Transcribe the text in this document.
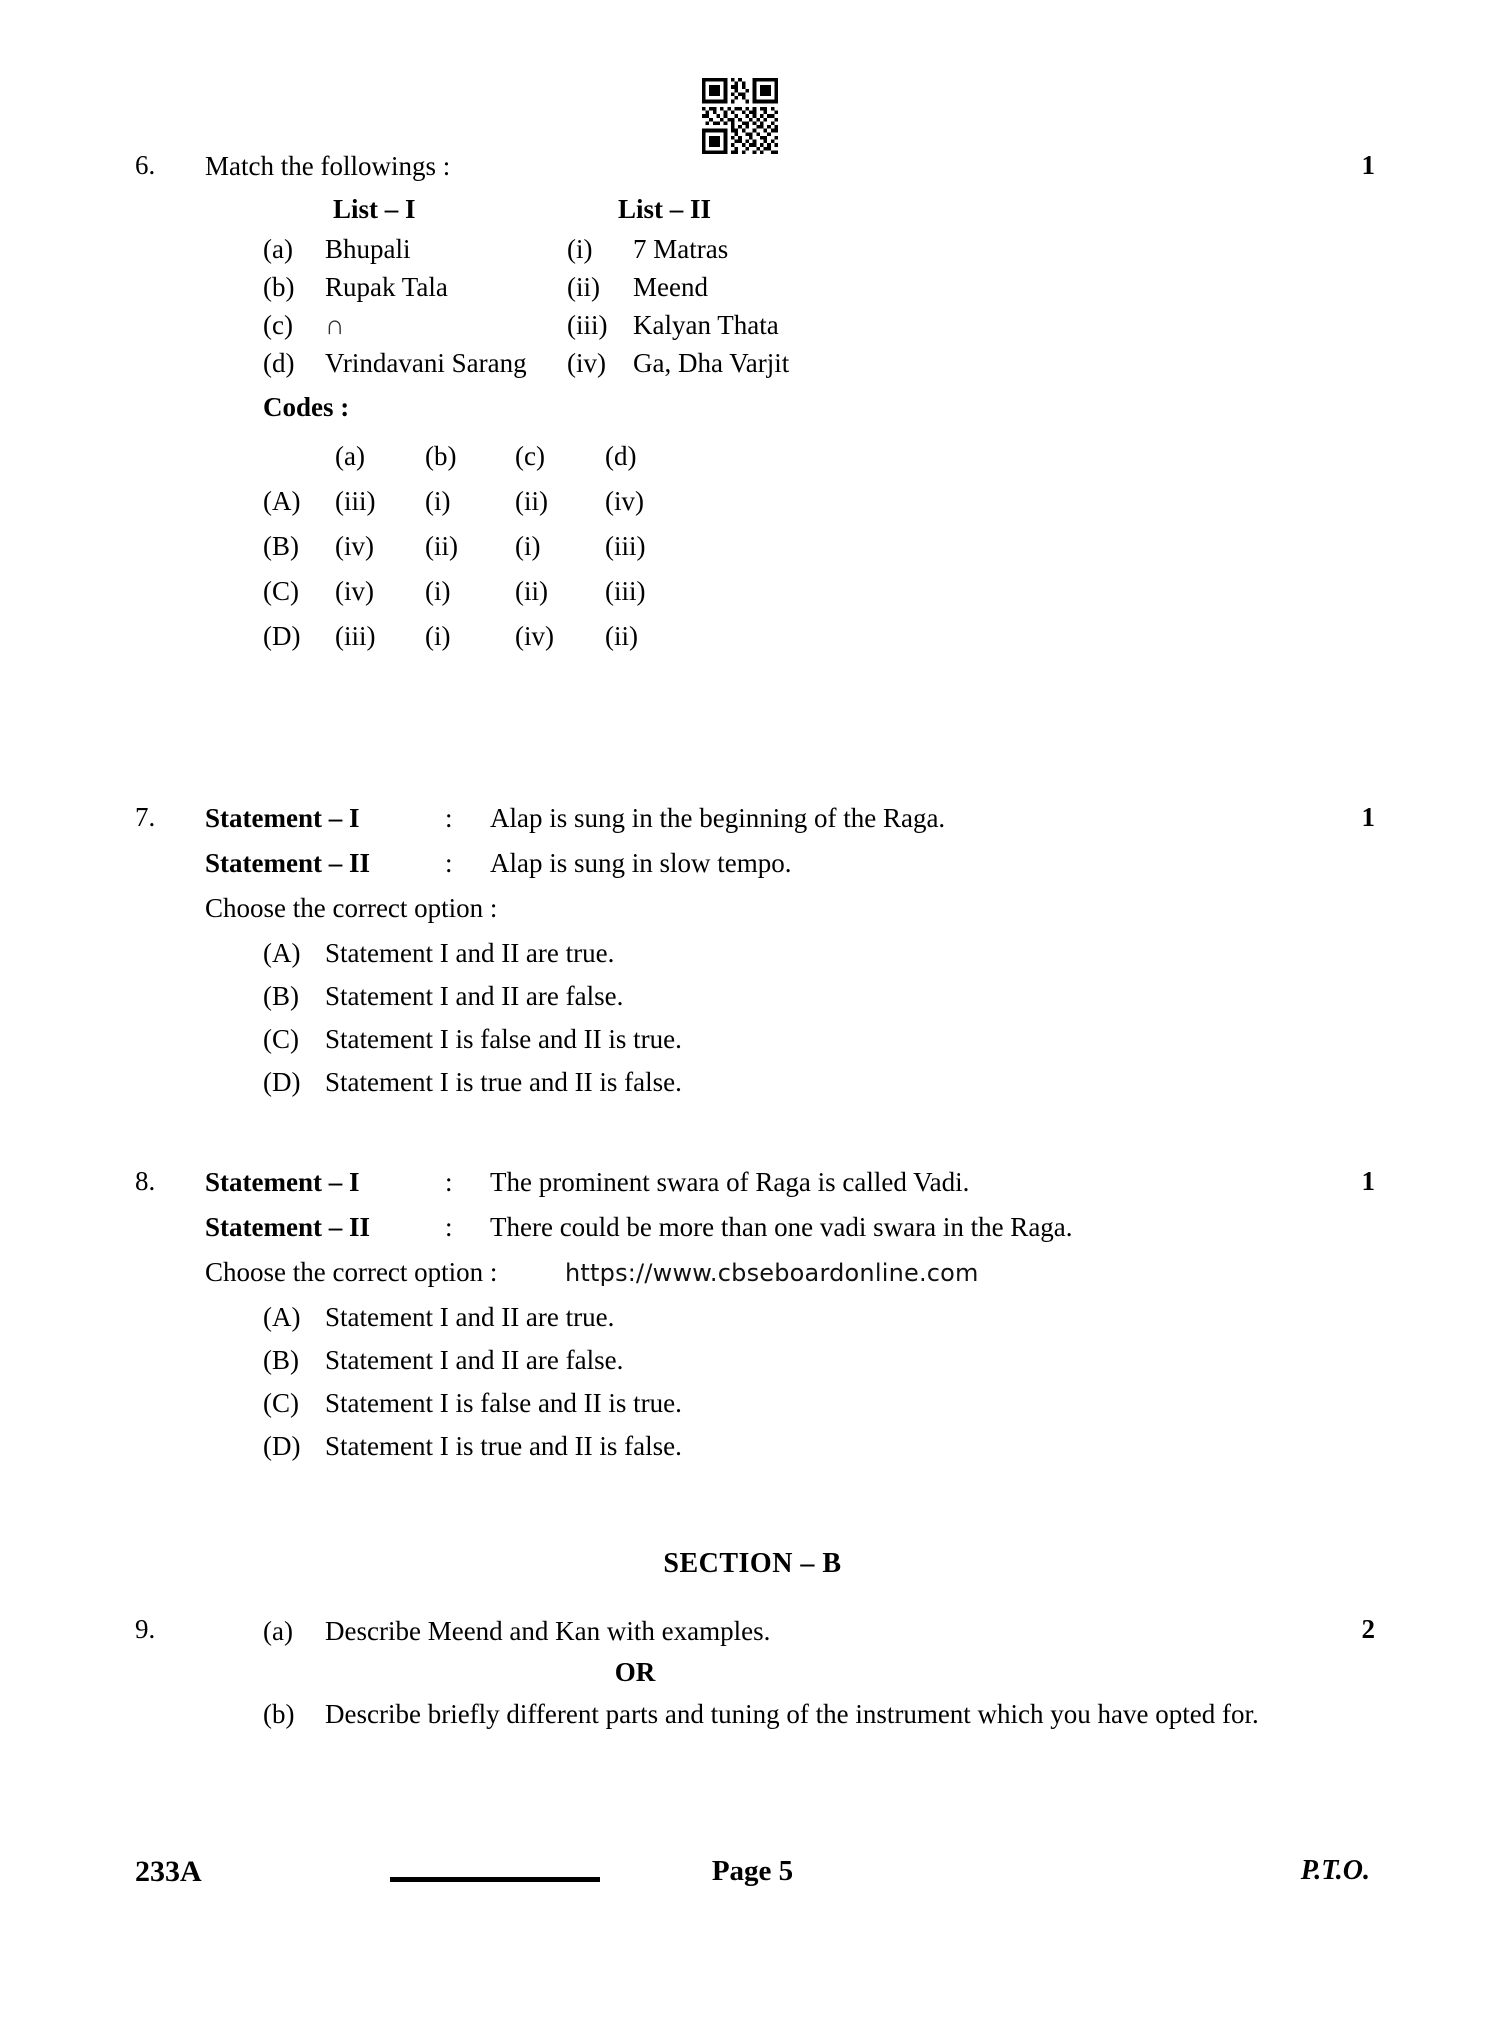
6.	1
Match the followings :
List – I	List – II
(a) Bhupali	(i) 7 Matras
(b) Rupak Tala	(ii) Meend
(c) ∩	(iii) Kalyan Thata
(d) Vrindavani Sarang (iv) Ga, Dha Varjit
Codes :
	(a)	(b)	(c)	(d)
(A)	(iii)	(i)	(ii)	(iv)
(B)	(iv)	(ii)	(i)	(iii)
(C)	(iv)	(i)	(ii)	(iii)
(D)	(iii)	(i)	(iv)	(ii)
7.	1
Statement – I	: Alap is sung in the beginning of the Raga.
Statement – II	: Alap is sung in slow tempo.
Choose the correct option :
(A) Statement I and II are true.
(B) Statement I and II are false.
(C) Statement I is false and II is true.
(D) Statement I is true and II is false.
8.	1
Statement – I	: The prominent swara of Raga is called Vadi.
Statement – II	: There could be more than one vadi swara in the Raga.
Choose the correct option :	https://www.cbseboardonline.com
(A) Statement I and II are true.
(B) Statement I and II are false.
(C) Statement I is false and II is true.
(D) Statement I is true and II is false.
SECTION – B
9.	2
(a) Describe Meend and Kan with examples.
OR
(b) Describe briefly different parts and tuning of the instrument which you have opted for.
233A	Page 5	P.T.O.
